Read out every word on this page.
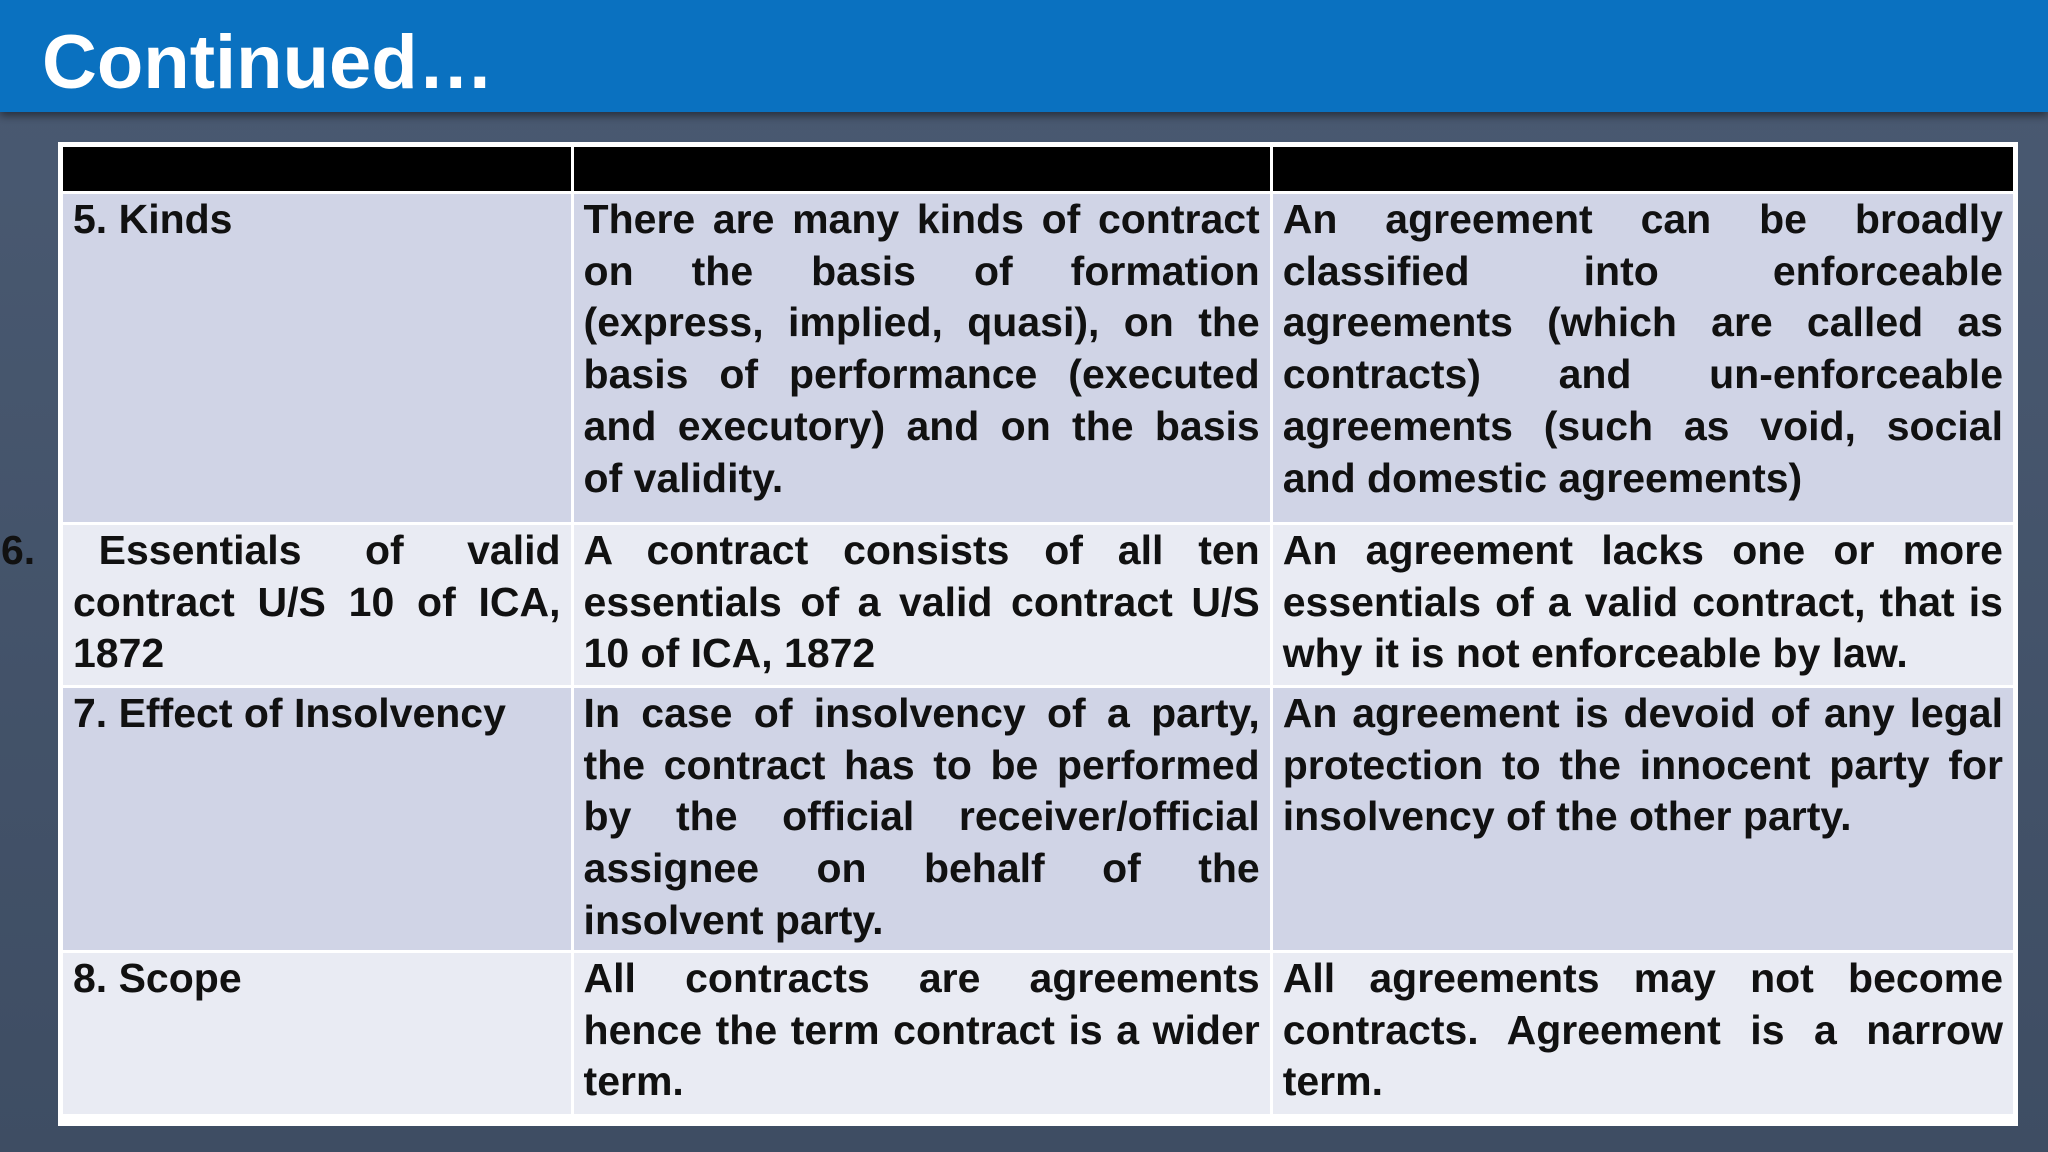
Continued…

5. Kinds	There are many kinds of contract on the basis of formation (express, implied, quasi), on the basis of performance (executed and executory) and on the basis of validity.	An agreement can be broadly classified into enforceable agreements (which are called as contracts) and un-enforceable agreements (such as void, social and domestic agreements)
6. Essentials of valid contract U/S 10 of ICA, 1872	A contract consists of all ten essentials of a valid contract U/S 10 of ICA, 1872	An agreement lacks one or more essentials of a valid contract, that is why it is not enforceable by law.
7. Effect of Insolvency	In case of insolvency of a party, the contract has to be performed by the official receiver/official assignee on behalf of the insolvent party.	An agreement is devoid of any legal protection to the innocent party for insolvency of the other party.
8. Scope	All contracts are agreements hence the term contract is a wider term.	All agreements may not become contracts. Agreement is a narrow term.
